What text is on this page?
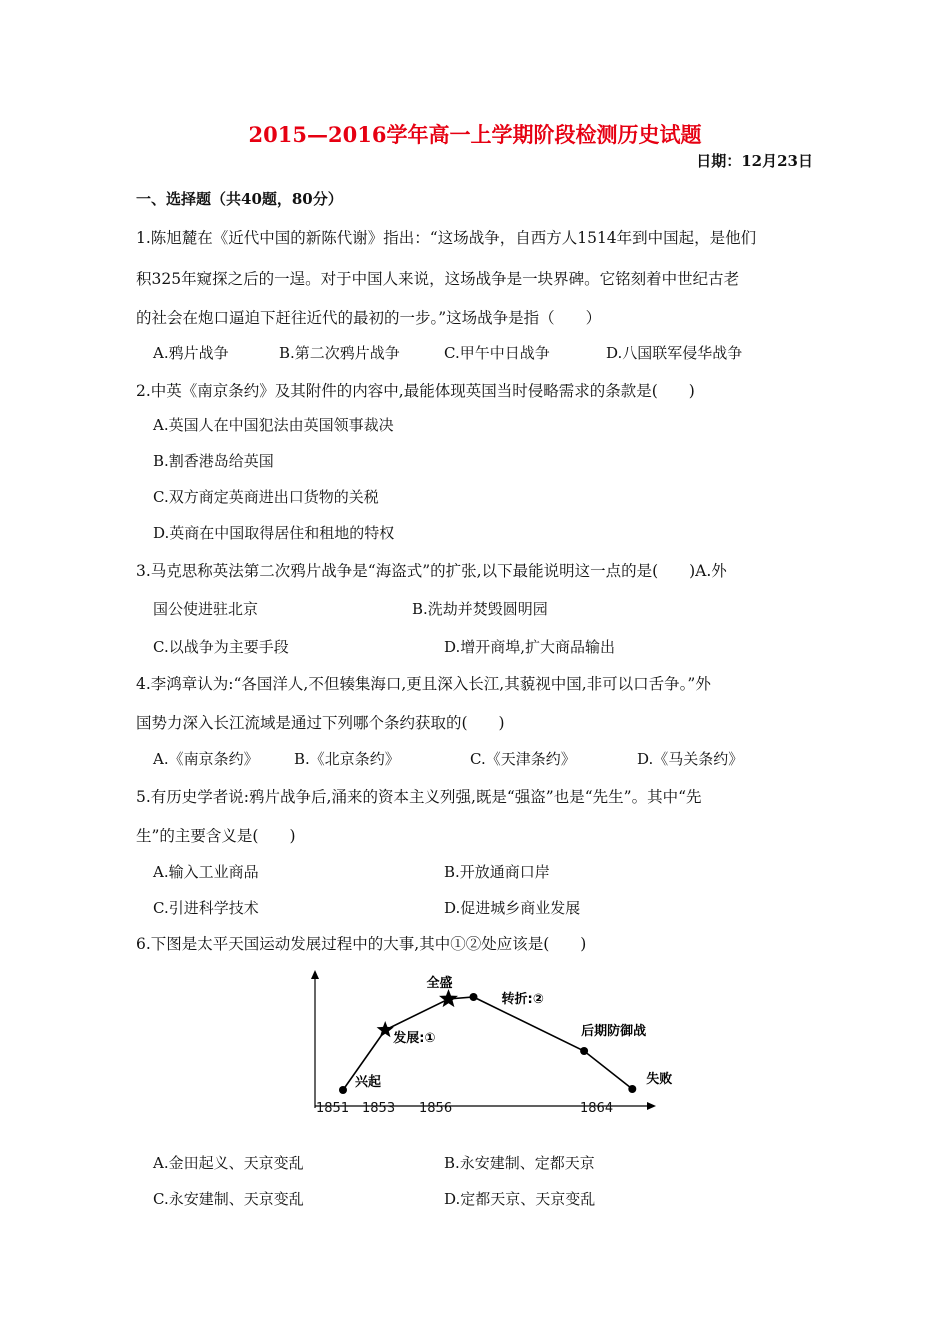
2015—2016学年高一上学期阶段检测历史试题
日期：12月23日
一、选择题（共40题，80分）
1.陈旭麓在《近代中国的新陈代谢》指出：“这场战争，自西方人1514年到中国起，是他们
积325年窥探之后的一逞。对于中国人来说，这场战争是一块界碑。它铭刻着中世纪古老
的社会在炮口逼迫下赶往近代的最初的一步。”这场战争是指（　　）
A.鸦片战争	B.第二次鸦片战争	C.甲午中日战争	D.八国联军侵华战争
2.中英《南京条约》及其附件的内容中,最能体现英国当时侵略需求的条款是(　　)
A.英国人在中国犯法由英国领事裁决
B.割香港岛给英国
C.双方商定英商进出口货物的关税
D.英商在中国取得居住和租地的特权
3.马克思称英法第二次鸦片战争是“海盗式”的扩张,以下最能说明这一点的是(　　)A.外
国公使进驻北京	B.洗劫并焚毁圆明园
C.以战争为主要手段	D.增开商埠,扩大商品输出
4.李鸿章认为:“各国洋人,不但辏集海口,更且深入长江,其藐视中国,非可以口舌争。”外
国势力深入长江流域是通过下列哪个条约获取的(　　)
A.《南京条约》 B.《北京条约》	C.《天津条约》	D.《马关条约》
5.有历史学者说:鸦片战争后,涌来的资本主义列强,既是“强盗”也是“先生”。其中“先
生”的主要含义是(　　)
A.输入工业商品	B.开放通商口岸
C.引进科学技术	D.促进城乡商业发展
6.下图是太平天国运动发展过程中的大事,其中①②处应该是(　　)
兴起
发展:①
全盛
转折:②
后期防御战
失败
1851 1853 1856	1864
A.金田起义、天京变乱	B.永安建制、定都天京
C.永安建制、天京变乱	D.定都天京、天京变乱
